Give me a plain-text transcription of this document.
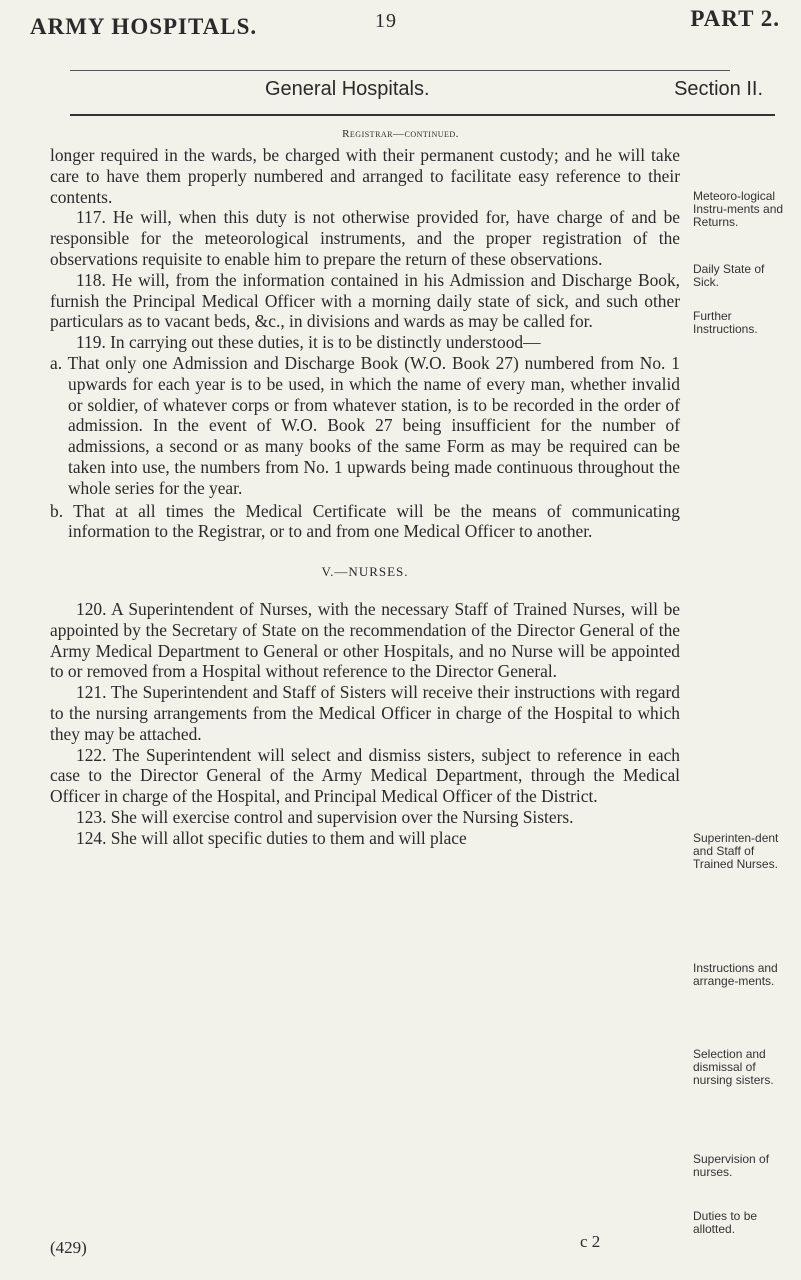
ARMY HOSPITALS.	19	PART 2.
General Hospitals.	Section II.
Registrar—continued.

longer required in the wards, be charged with their permanent custody; and he will take care to have them properly numbered and arranged to facilitate easy reference to their contents.

117. He will, when this duty is not otherwise provided for, have charge of and be responsible for the meteorological instruments, and the proper registration of the observations requisite to enable him to prepare the return of these observations.

118. He will, from the information contained in his Admission and Discharge Book, furnish the Principal Medical Officer with a morning daily state of sick, and such other particulars as to vacant beds, &c., in divisions and wards as may be called for.

119. In carrying out these duties, it is to be distinctly understood—

a. That only one Admission and Discharge Book (W.O. Book 27) numbered from No. 1 upwards for each year is to be used, in which the name of every man, whether invalid or soldier, of whatever corps or from whatever station, is to be recorded in the order of admission. In the event of W.O. Book 27 being insufficient for the number of admissions, a second or as many books of the same Form as may be required can be taken into use, the numbers from No. 1 upwards being made continuous throughout the whole series for the year.

b. That at all times the Medical Certificate will be the means of communicating information to the Registrar, or to and from one Medical Officer to another.

V.—NURSES.

120. A Superintendent of Nurses, with the necessary Staff of Trained Nurses, will be appointed by the Secretary of State on the recommendation of the Director General of the Army Medical Department to General or other Hospitals, and no Nurse will be appointed to or removed from a Hospital without reference to the Director General.

121. The Superintendent and Staff of Sisters will receive their instructions with regard to the nursing arrangements from the Medical Officer in charge of the Hospital to which they may be attached.

122. The Superintendent will select and dismiss sisters, subject to reference in each case to the Director General of the Army Medical Department, through the Medical Officer in charge of the Hospital, and Principal Medical Officer of the District.

123. She will exercise control and supervision over the Nursing Sisters.

124. She will allot specific duties to them and will place

Meteoro-logical Instru-ments and Returns.
Daily State of Sick.
Further Instructions.
Superinten-dent and Staff of Trained Nurses.
Instructions and arrange-ments.
Selection and dismissal of nursing sisters.
Supervision of nurses.
Duties to be allotted.
(429)	c 2
